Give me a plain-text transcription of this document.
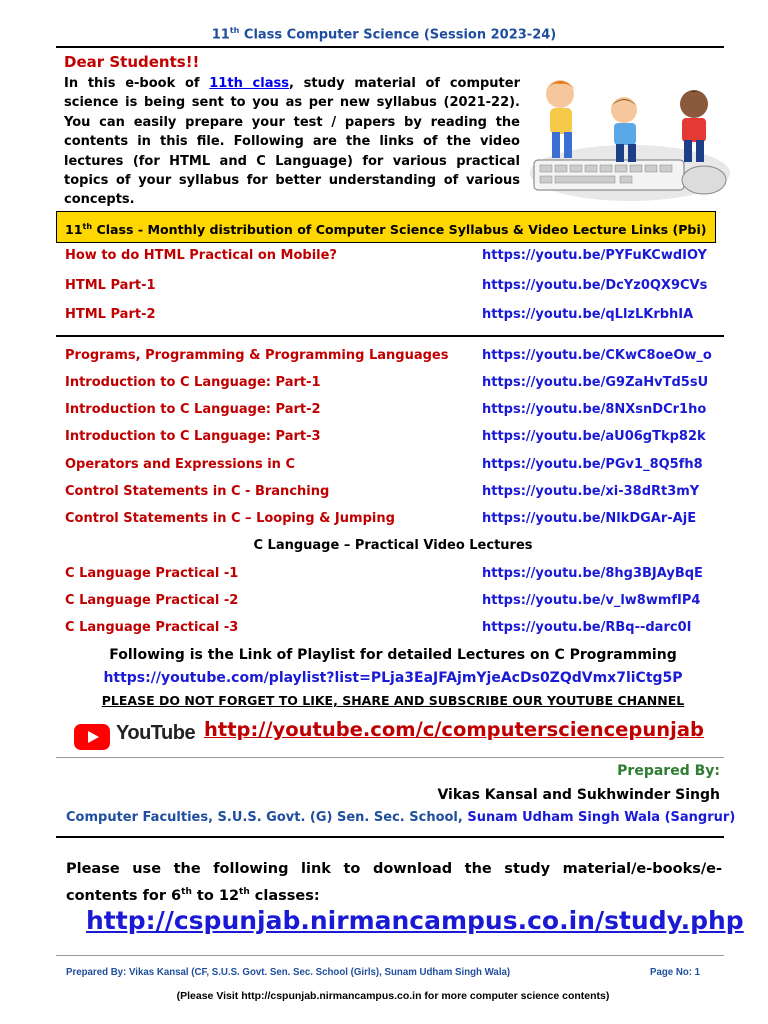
11th Class Computer Science (Session 2023-24)
Dear Students!!
In this e-book of 11th class, study material of computer science is being sent to you as per new syllabus (2021-22). You can easily prepare your test / papers by reading the contents in this file. Following are the links of the video lectures (for HTML and C Language) for various practical topics of your syllabus for better understanding of various concepts.
11th Class - Monthly distribution of Computer Science Syllabus & Video Lecture Links (Pbi)
How to do HTML Practical on Mobile?	https://youtu.be/PYFuKCwdIOY
HTML Part-1	https://youtu.be/DcYz0QX9CVs
HTML Part-2	https://youtu.be/qLlzLKrbhIA
Programs, Programming & Programming Languages	https://youtu.be/CKwC8oeOw_o
Introduction to C Language: Part-1	https://youtu.be/G9ZaHvTd5sU
Introduction to C Language: Part-2	https://youtu.be/8NXsnDCr1ho
Introduction to C Language: Part-3	https://youtu.be/aU06gTkp82k
Operators and Expressions in C	https://youtu.be/PGv1_8Q5fh8
Control Statements in C - Branching	https://youtu.be/xi-38dRt3mY
Control Statements in C – Looping & Jumping	https://youtu.be/NlkDGAr-AjE
C Language – Practical Video Lectures
C Language Practical -1	https://youtu.be/8hg3BJAyBqE
C Language Practical -2	https://youtu.be/v_lw8wmfIP4
C Language Practical -3	https://youtu.be/RBq--darc0I
Following is the Link of Playlist for detailed Lectures on C Programming
https://youtube.com/playlist?list=PLja3EaJFAjmYjeAcDs0ZQdVmx7liCtg5P
PLEASE DO NOT FORGET TO LIKE, SHARE AND SUBSCRIBE OUR YOUTUBE CHANNEL
YouTube http://youtube.com/c/computersciencepunjab
Prepared By:
Vikas Kansal and Sukhwinder Singh
Computer Faculties, S.U.S. Govt. (G) Sen. Sec. School, Sunam Udham Singh Wala (Sangrur)
Please use the following link to download the study material/e-books/e-contents for 6th to 12th classes:
http://cspunjab.nirmancampus.co.in/study.php
Prepared By: Vikas Kansal (CF, S.U.S. Govt. Sen. Sec. School (Girls), Sunam Udham Singh Wala)	Page No: 1
(Please Visit http://cspunjab.nirmancampus.co.in for more computer science contents)
